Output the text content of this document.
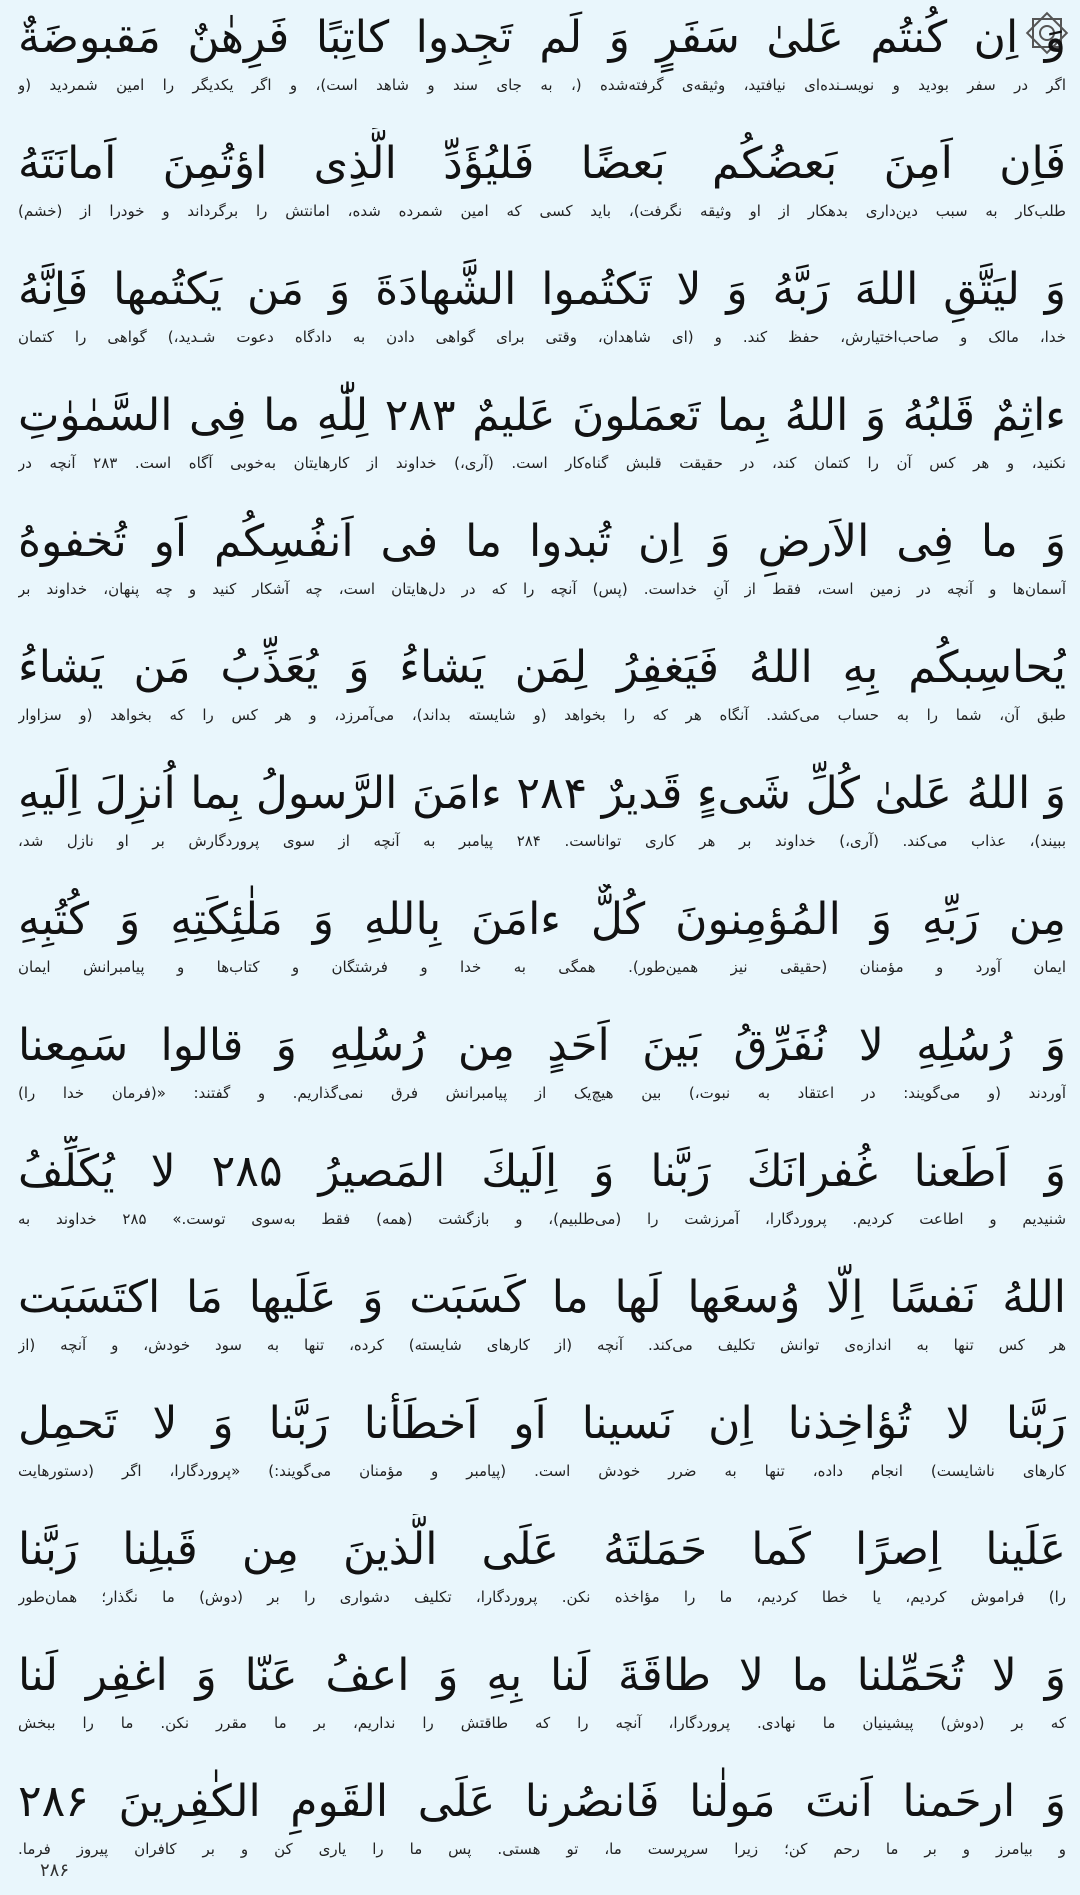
وَ اِن كُنتُم عَلىٰ سَفَرٍ وَ لَم تَجِدوا كاتِبًا فَرِهٰنٌ مَقبوضَةٌ
اگر در سفر بودید و نویسـنده‌ای نیافتید، وثیقه‌ی گرفته‌شده (، به جای سند و شاهد است)، و اگر یکدیگر را امین شمردید (و
فَاِن اَمِنَ بَعضُكُم بَعضًا فَليُؤَدِّ الَّذِى اؤتُمِنَ اَمانَتَهُ
طلب‌کار به سبب دین‌داری بدهکار از او وثیقه نگرفت)، باید کسی که امین شمرده شده، امانتش را برگرداند و خودرا از (خشم)
وَ ليَتَّقِ اللهَ رَبَّهُ وَ لا تَكتُموا الشَّهادَةَ وَ مَن يَكتُمها فَاِنَّهُ
خدا، مالک و صاحب‌اختیارش، حفظ کند. و (ای شاهدان، وقتی برای گواهی دادن به دادگاه دعوت شـدید،) گواهی را کتمان
ءاثِمٌ قَلبُهُ وَ اللهُ بِما تَعمَلونَ عَليمٌ ۲۸۳ لِلّٰهِ ما فِى السَّمٰوٰتِ
نکنید، و هر کس آن را کتمان کند، در حقیقت قلبش گناه‌کار است. (آری،) خداوند از کارهایتان به‌خوبی آگاه است. ۲۸۳ آنچه در
وَ ما فِى الاَرضِ وَ اِن تُبدوا ما فى اَنفُسِكُم اَو تُخفوهُ
آسمان‌ها و آنچه در زمین است، فقط از آنِ خداست. (پس) آنچه را که در دل‌هایتان است، چه آشکار کنید و چه پنهان، خداوند بر
يُحاسِبكُم بِهِ اللهُ فَيَغفِرُ لِمَن يَشاءُ وَ يُعَذِّبُ مَن يَشاءُ
طبق آن، شما را به حساب می‌کشد. آنگاه هر که را بخواهد (و شایسته بداند)، می‌آمرزد، و هر کس را که بخواهد (و سزاوار
وَ اللهُ عَلىٰ كُلِّ شَىءٍ قَديرٌ ۲۸۴ ءامَنَ الرَّسولُ بِما اُنزِلَ اِلَيهِ
ببیند)، عذاب می‌کند. (آری،) خداوند بر هر کاری تواناست. ۲۸۴ پیامبر به آنچه از سوی پروردگارش بر او نازل شد،
مِن رَبِّهِ وَ المُؤمِنونَ كُلٌّ ءامَنَ بِاللهِ وَ مَلٰئِكَتِهِ وَ كُتُبِهِ
ایمان آورد و مؤمنان (حقیقی نیز همین‌طور). همگی به خدا و فرشتگان و کتاب‌ها و پیامبرانش ایمان
وَ رُسُلِهِ لا نُفَرِّقُ بَينَ اَحَدٍ مِن رُسُلِهِ وَ قالوا سَمِعنا
آوردند (و می‌گویند: در اعتقاد به نبوت،) بین هیچ‌یک از پیامبرانش فرق نمی‌گذاریم. و گفتند: «(فرمان خدا را)
وَ اَطَعنا غُفرانَكَ رَبَّنا وَ اِلَيكَ المَصيرُ ۲۸۵ لا يُكَلِّفُ
شنیدیم و اطاعت کردیم. پروردگارا، آمرزشت را (می‌طلبیم)، و بازگشت (همه) فقط به‌سوی توست.» ۲۸۵ خداوند به
اللهُ نَفسًا اِلّا وُسعَها لَها ما كَسَبَت وَ عَلَيها مَا اكتَسَبَت
هر کس تنها به اندازه‌ی توانش تکلیف می‌کند. آنچه (از کارهای شایسته) کرده، تنها به سود خودش، و آنچه (از
رَبَّنا لا تُؤاخِذنا اِن نَسينا اَو اَخطَأنا رَبَّنا وَ لا تَحمِل
کارهای ناشایست) انجام داده، تنها به ضرر خودش است. (پیامبر و مؤمنان می‌گویند:) «پروردگارا، اگر (دستورهایت
عَلَينا اِصرًا كَما حَمَلتَهُ عَلَى الَّذينَ مِن قَبلِنا رَبَّنا
را) فراموش کردیم، یا خطا کردیم، ما را مؤاخذه نکن. پروردگارا، تکلیف دشواری را بر (دوش) ما نگذار؛ همان‌طور
وَ لا تُحَمِّلنا ما لا طاقَةَ لَنا بِهِ وَ اعفُ عَنّا وَ اغفِر لَنا
که بر (دوش) پیشینیان ما نهادی. پروردگارا، آنچه را که طاقتش را نداریم، بر ما مقرر نکن. ما را ببخش
وَ ارحَمنا اَنتَ مَولٰنا فَانصُرنا عَلَى القَومِ الكٰفِرينَ ۲۸۶
و بیامرز و بر ما رحم کن؛ زیرا سرپرست ما، تو هستی. پس ما را یاری کن و بر کافران پیروز فرما.
۲۸۶
